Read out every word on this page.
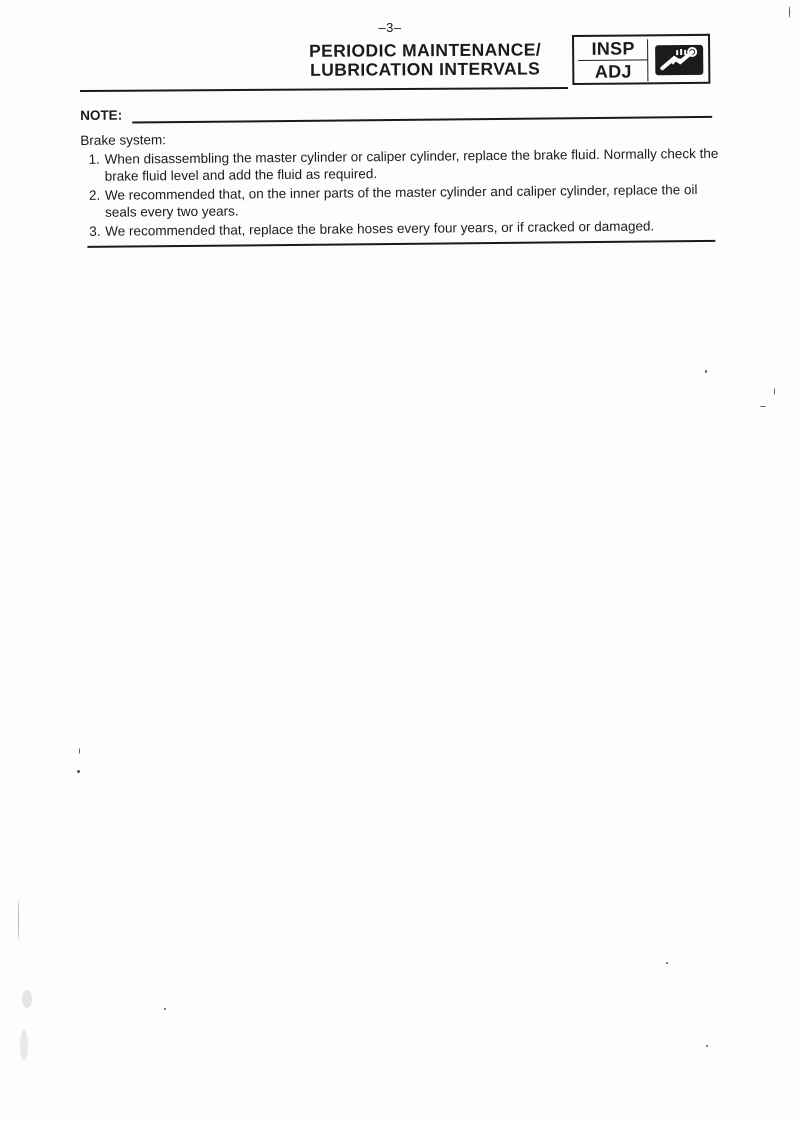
–3–
PERIODIC MAINTENANCE/
LUBRICATION INTERVALS
INSP
ADJ
NOTE:
Brake system:
1. When disassembling the master cylinder or caliper cylinder, replace the brake fluid. Normally check the brake fluid level and add the fluid as required.
2. We recommended that, on the inner parts of the master cylinder and caliper cylinder, replace the oil seals every two years.
3. We recommended that, replace the brake hoses every four years, or if cracked or damaged.
